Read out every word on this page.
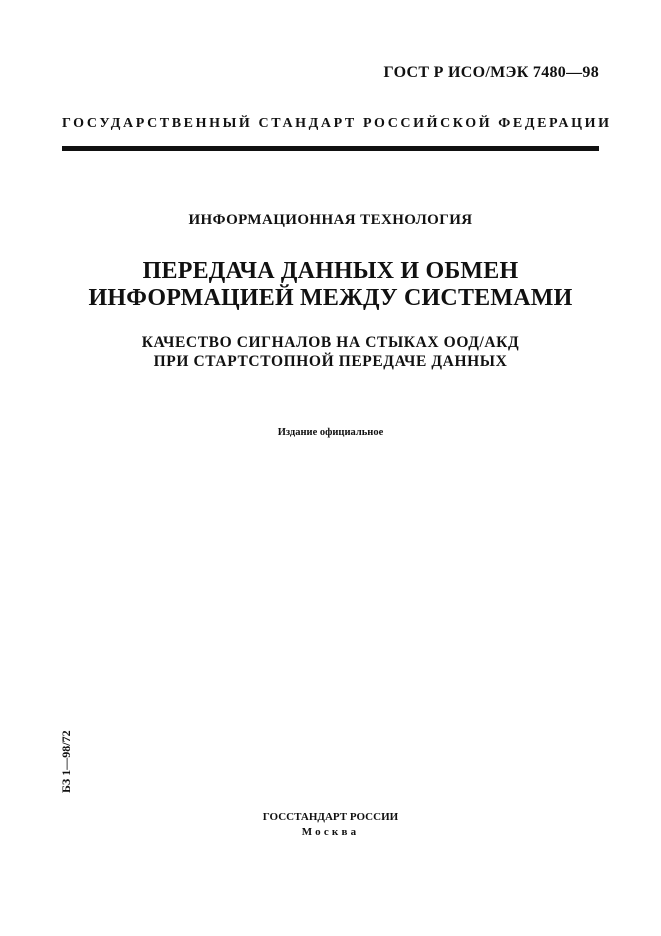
ГОСТ Р ИСО/МЭК 7480—98
ГОСУДАРСТВЕННЫЙ СТАНДАРТ РОССИЙСКОЙ ФЕДЕРАЦИИ
ИНФОРМАЦИОННАЯ ТЕХНОЛОГИЯ
ПЕРЕДАЧА ДАННЫХ И ОБМЕН
ИНФОРМАЦИЕЙ МЕЖДУ СИСТЕМАМИ
КАЧЕСТВО СИГНАЛОВ НА СТЫКАХ ООД/АКД
ПРИ СТАРТСТОПНОЙ ПЕРЕДАЧЕ ДАННЫХ
Издание официальное
БЗ 1—98/72
ГОССТАНДАРТ РОССИИ
Москва
